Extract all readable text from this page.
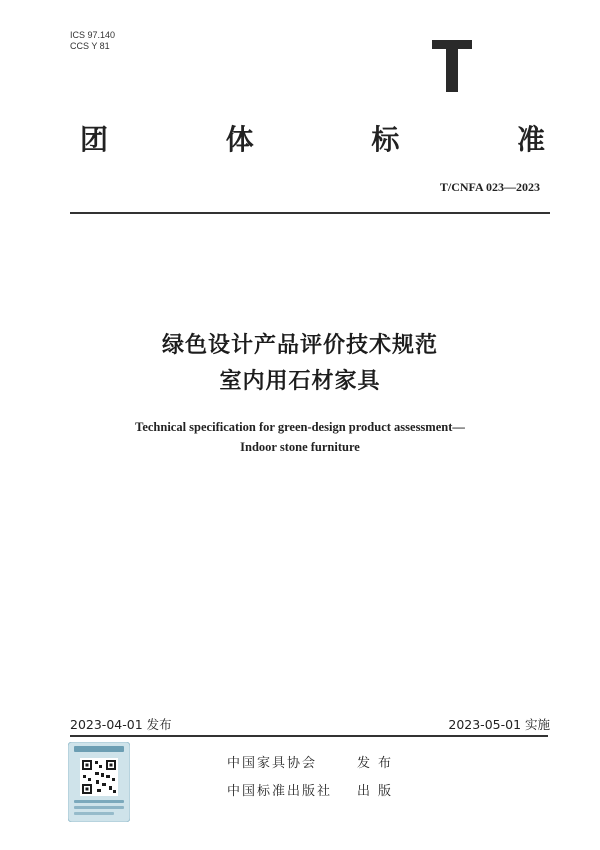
ICS 97.140
CCS Y 81
团	体	标	准
T/CNFA 023—2023
绿色设计产品评价技术规范
室内用石材家具
Technical specification for green-design product assessment—
Indoor stone furniture
2023-04-01 发布	2023-05-01 实施
中国家具协会	发布
中国标准出版社	出版
